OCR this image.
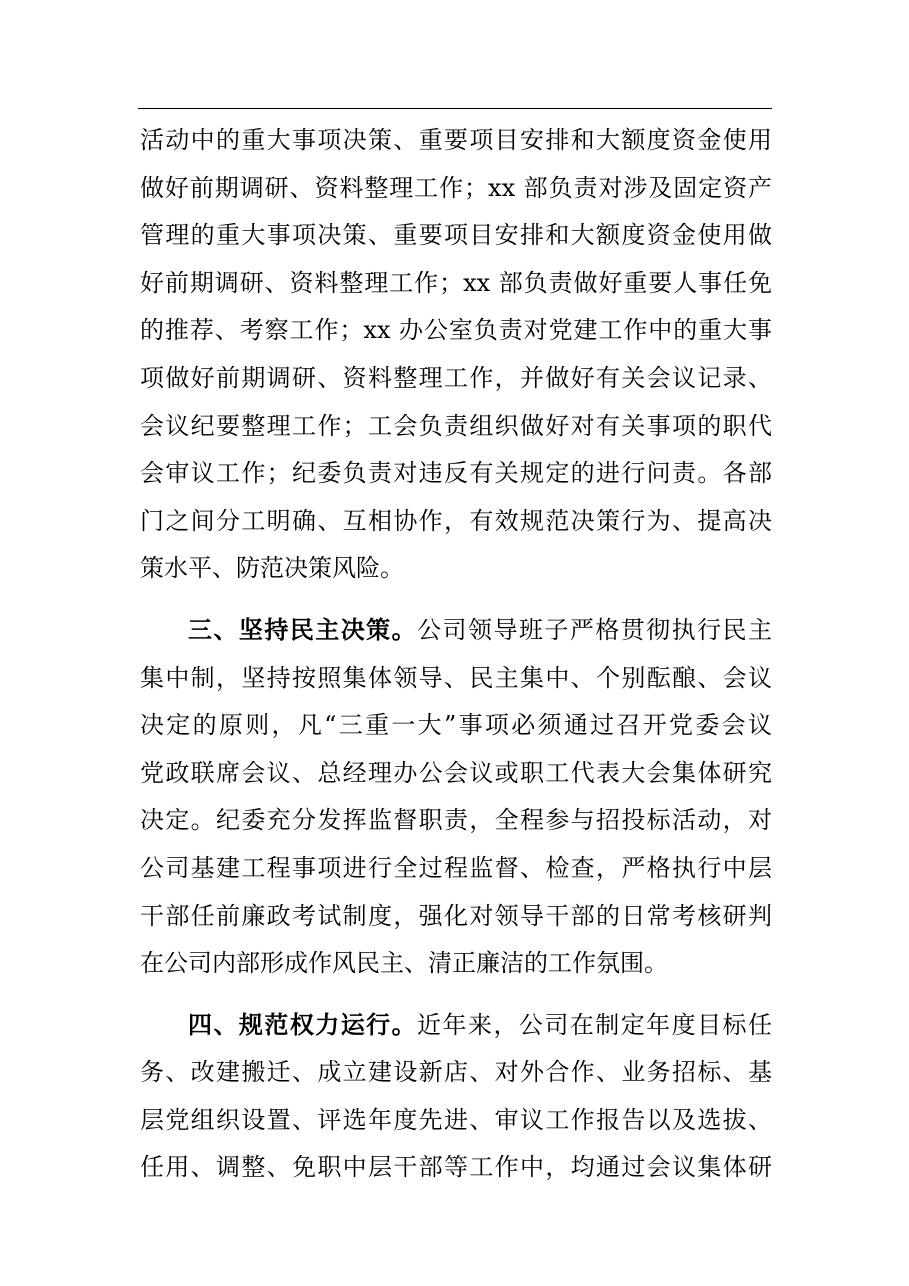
活动中的重大事项决策、重要项目安排和大额度资金使用
做好前期调研、资料整理工作；xx 部负责对涉及固定资产
管理的重大事项决策、重要项目安排和大额度资金使用做
好前期调研、资料整理工作；xx 部负责做好重要人事任免
的推荐、考察工作；xx 办公室负责对党建工作中的重大事
项做好前期调研、资料整理工作，并做好有关会议记录、
会议纪要整理工作；工会负责组织做好对有关事项的职代
会审议工作；纪委负责对违反有关规定的进行问责。各部
门之间分工明确、互相协作，有效规范决策行为、提高决
策水平、防范决策风险。
三、坚持民主决策。公司领导班子严格贯彻执行民主
集中制，坚持按照集体领导、民主集中、个别酝酿、会议
决定的原则，凡“三重一大”事项必须通过召开党委会议
党政联席会议、总经理办公会议或职工代表大会集体研究
决定。纪委充分发挥监督职责，全程参与招投标活动，对
公司基建工程事项进行全过程监督、检查，严格执行中层
干部任前廉政考试制度，强化对领导干部的日常考核研判
在公司内部形成作风民主、清正廉洁的工作氛围。
四、规范权力运行。近年来，公司在制定年度目标任
务、改建搬迁、成立建设新店、对外合作、业务招标、基
层党组织设置、评选年度先进、审议工作报告以及选拔、
任用、调整、免职中层干部等工作中，均通过会议集体研
